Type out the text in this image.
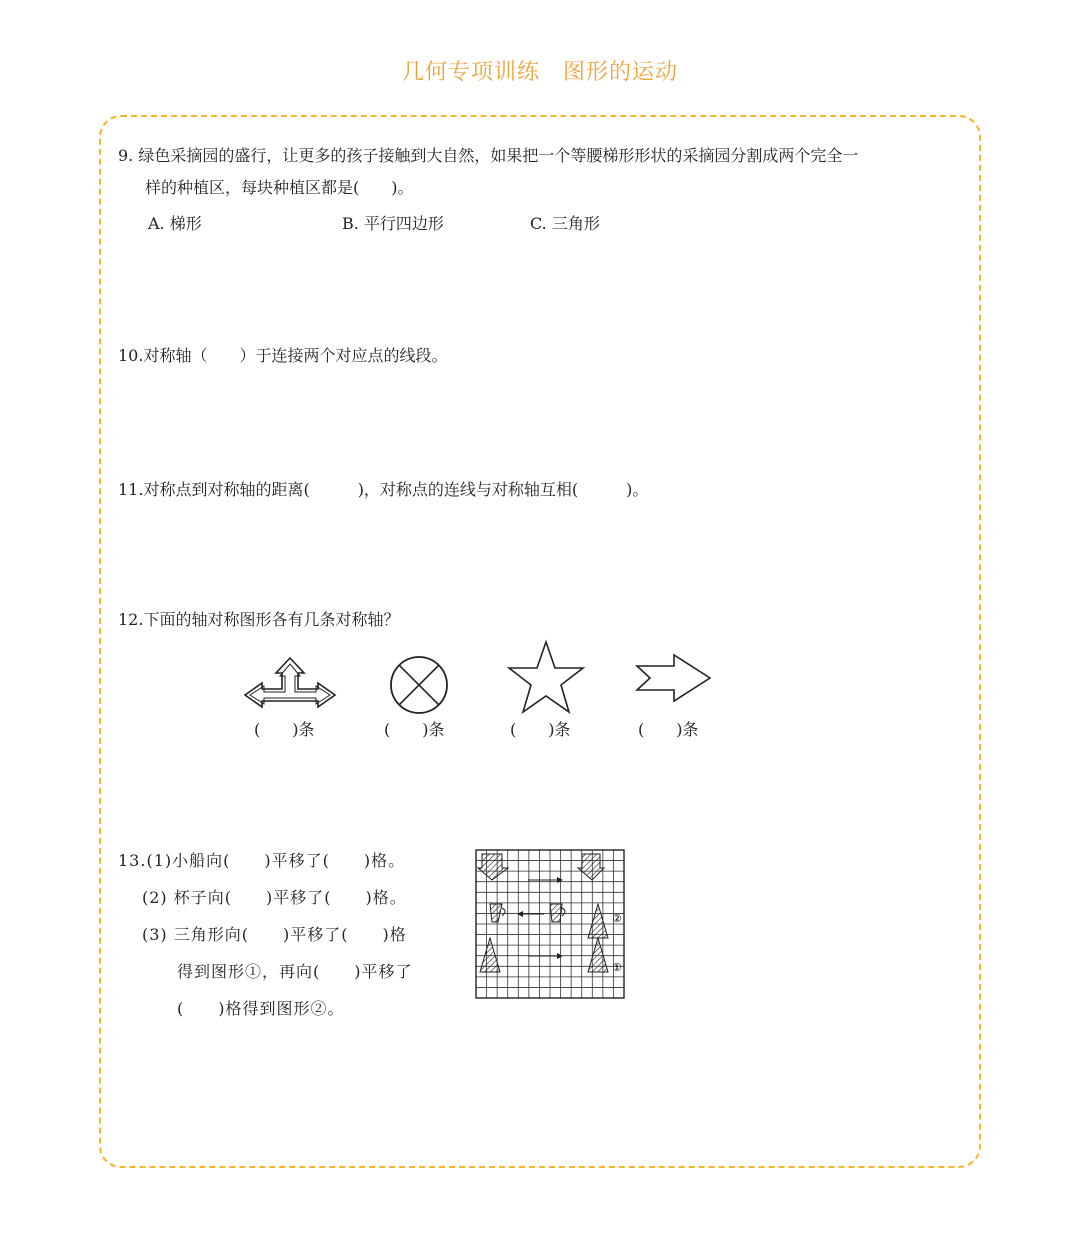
几何专项训练　图形的运动
9. 绿色采摘园的盛行，让更多的孩子接触到大自然，如果把一个等腰梯形形状的采摘园分割成两个完全一
样的种植区，每块种植区都是(　　)。
A. 梯形	B. 平行四边形	C. 三角形
10.对称轴（　　）于连接两个对应点的线段。
11.对称点到对称轴的距离(　　　)，对称点的连线与对称轴互相(　　　)。
12.下面的轴对称图形各有几条对称轴？
(　　)条	(　　)条	(　　)条	(　　)条
13.(1)小船向(　　)平移了(　　)格。
(2) 杯子向(　　)平移了(　　)格。
(3) 三角形向(　　)平移了(　　)格
得到图形①，再向(　　)平移了
(　　)格得到图形②。
②
①
